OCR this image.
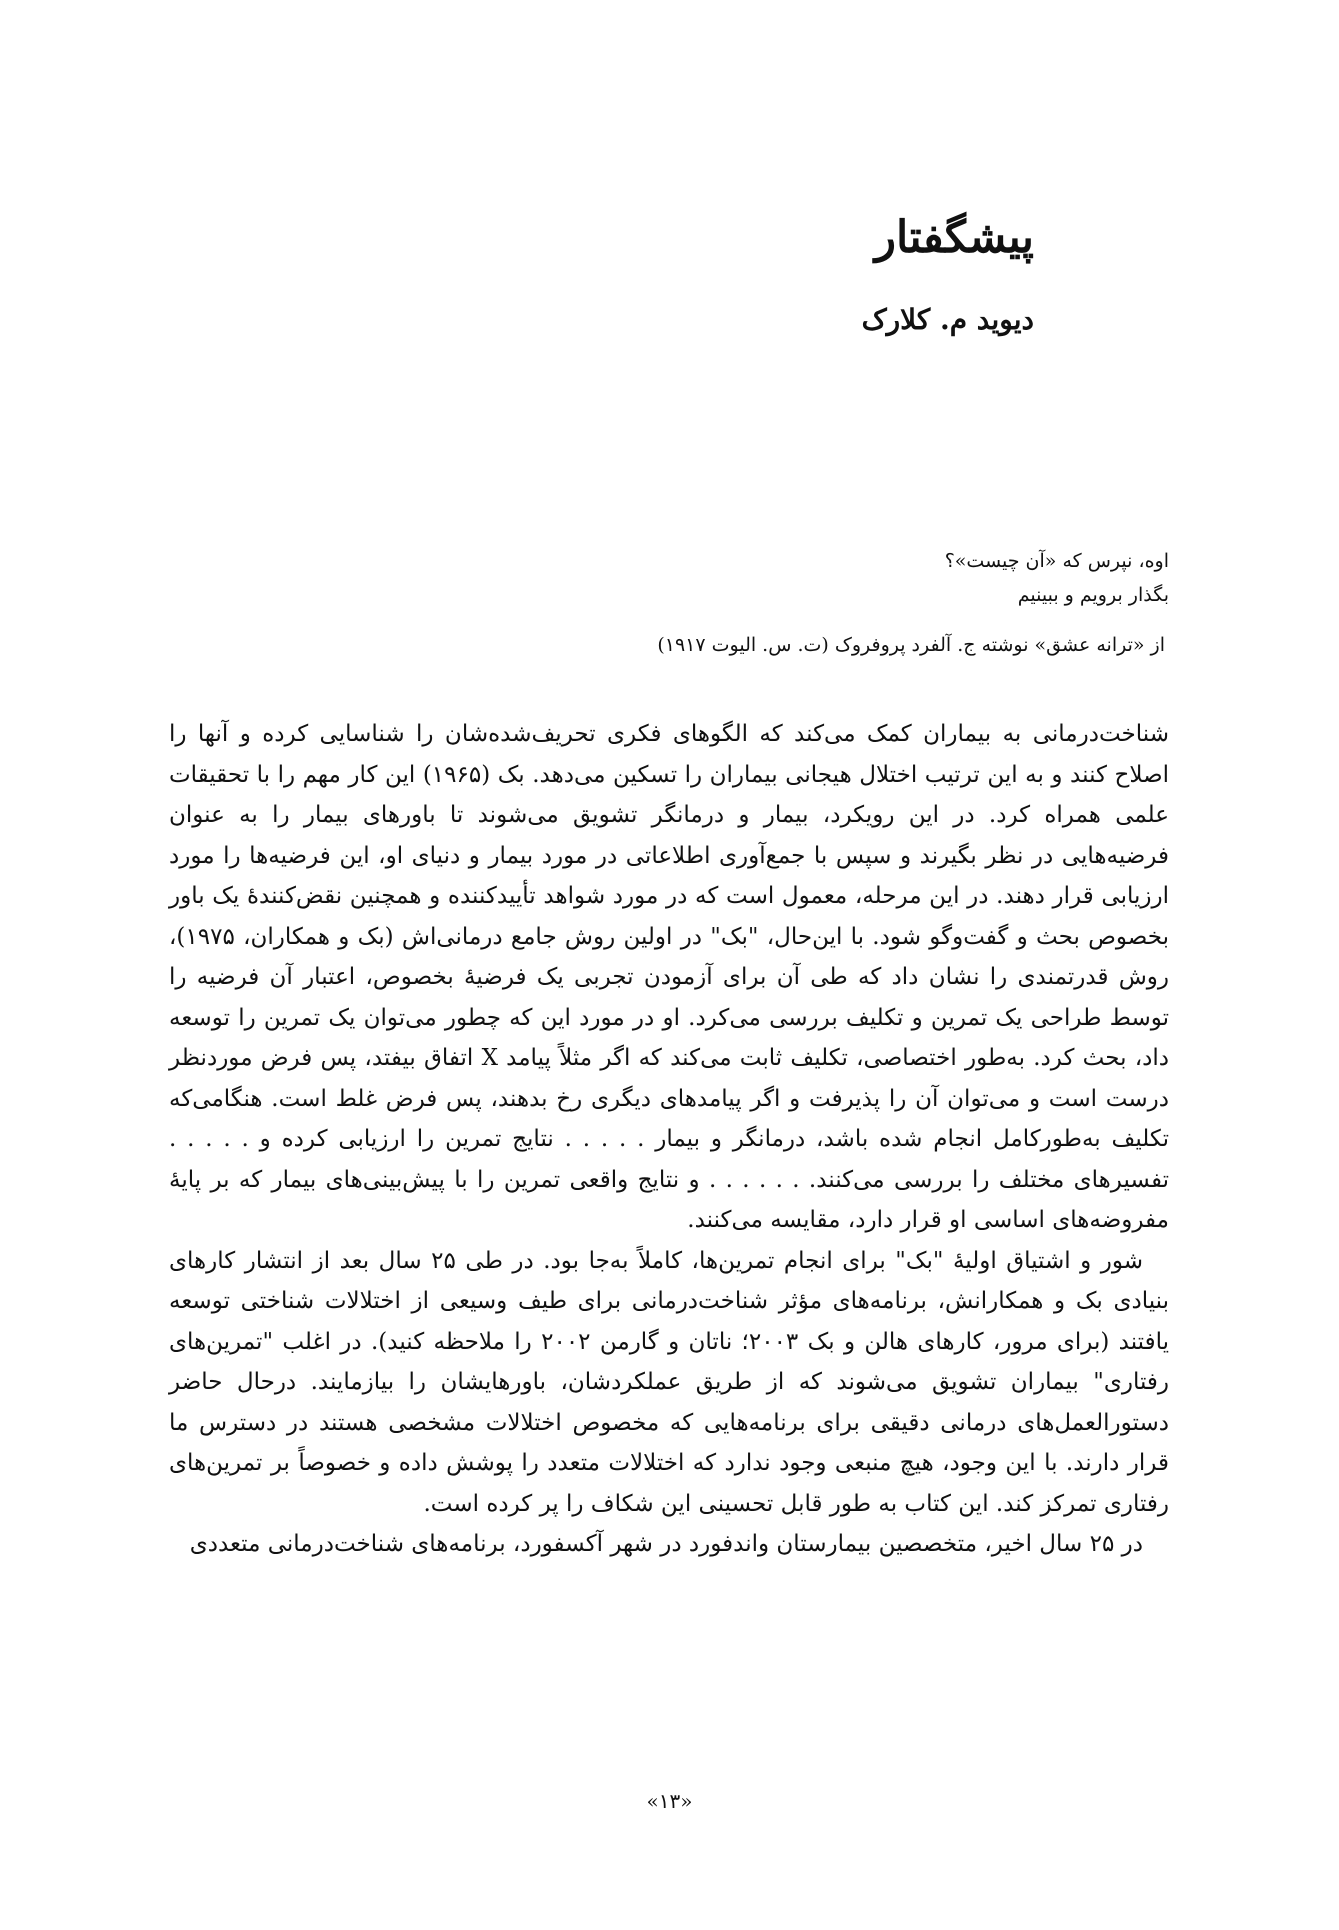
پیشگفتار
دیوید م. کلارک
اوه، نپرس که «آن چیست»؟
بگذار برویم و ببینیم

از «ترانه عشق» نوشته ج. آلفرد پروفروک (ت. س. الیوت ۱۹۱۷)

شناخت‌درمانی به بیماران کمک می‌کند که الگوهای فکری تحریف‌شده‌شان را شناسایی کرده و آنها را اصلاح کنند و به این ترتیب اختلال هیجانی بیماران را تسکین می‌دهد. بک (۱۹۶۵) این کار مهم را با تحقیقات علمی همراه کرد. در این رویکرد، بیمار و درمانگر تشویق می‌شوند تا باورهای بیمار را به عنوان فرضیه‌هایی در نظر بگیرند و سپس با جمع‌آوری اطلاعاتی در مورد بیمار و دنیای او، این فرضیه‌ها را مورد ارزیابی قرار دهند. در این مرحله، معمول است که در مورد شواهد تأییدکننده و همچنین نقض‌کنندهٔ یک باور بخصوص بحث و گفت‌وگو شود. با این‌حال، "بک" در اولین روش جامع درمانی‌اش (بک و همکاران، ۱۹۷۵)، روش قدرتمندی را نشان داد که طی آن برای آزمودن تجربی یک فرضیهٔ بخصوص، اعتبار آن فرضیه را توسط طراحی یک تمرین و تکلیف بررسی می‌کرد. او در مورد این که چطور می‌توان یک تمرین را توسعه داد، بحث کرد. به‌طور اختصاصی، تکلیف ثابت می‌کند که اگر مثلاً پیامد X اتفاق بیفتد، پس فرض موردنظر درست است و می‌توان آن را پذیرفت و اگر پیامدهای دیگری رخ بدهند، پس فرض غلط است. هنگامی‌که تکلیف به‌طورکامل انجام شده باشد، درمانگر و بیمار . . . . . نتایج تمرین را ارزیابی کرده و . . . . . تفسیرهای مختلف را بررسی می‌کنند. . . . . . . و نتایج واقعی تمرین را با پیش‌بینی‌های بیمار که بر پایهٔ مفروضه‌های اساسی او قرار دارد، مقایسه می‌کنند.

شور و اشتیاق اولیهٔ "بک" برای انجام تمرین‌ها، کاملاً به‌جا بود. در طی ۲۵ سال بعد از انتشار کارهای بنیادی بک و همکارانش، برنامه‌های مؤثر شناخت‌درمانی برای طیف وسیعی از اختلالات شناختی توسعه یافتند (برای مرور، کارهای هالن و بک ۲۰۰۳؛ ناتان و گارمن ۲۰۰۲ را ملاحظه کنید). در اغلب "تمرین‌های رفتاری" بیماران تشویق می‌شوند که از طریق عملکردشان، باورهایشان را بیازمایند. درحال حاضر دستورالعمل‌های درمانی دقیقی برای برنامه‌هایی که مخصوص اختلالات مشخصی هستند در دسترس ما قرار دارند. با این وجود، هیچ منبعی وجود ندارد که اختلالات متعدد را پوشش داده و خصوصاً بر تمرین‌های رفتاری تمرکز کند. این کتاب به طور قابل تحسینی این شکاف را پر کرده است.

در ۲۵ سال اخیر، متخصصین بیمارستان واندفورد در شهر آکسفورد، برنامه‌های شناخت‌درمانی متعددی

«۱۳»
